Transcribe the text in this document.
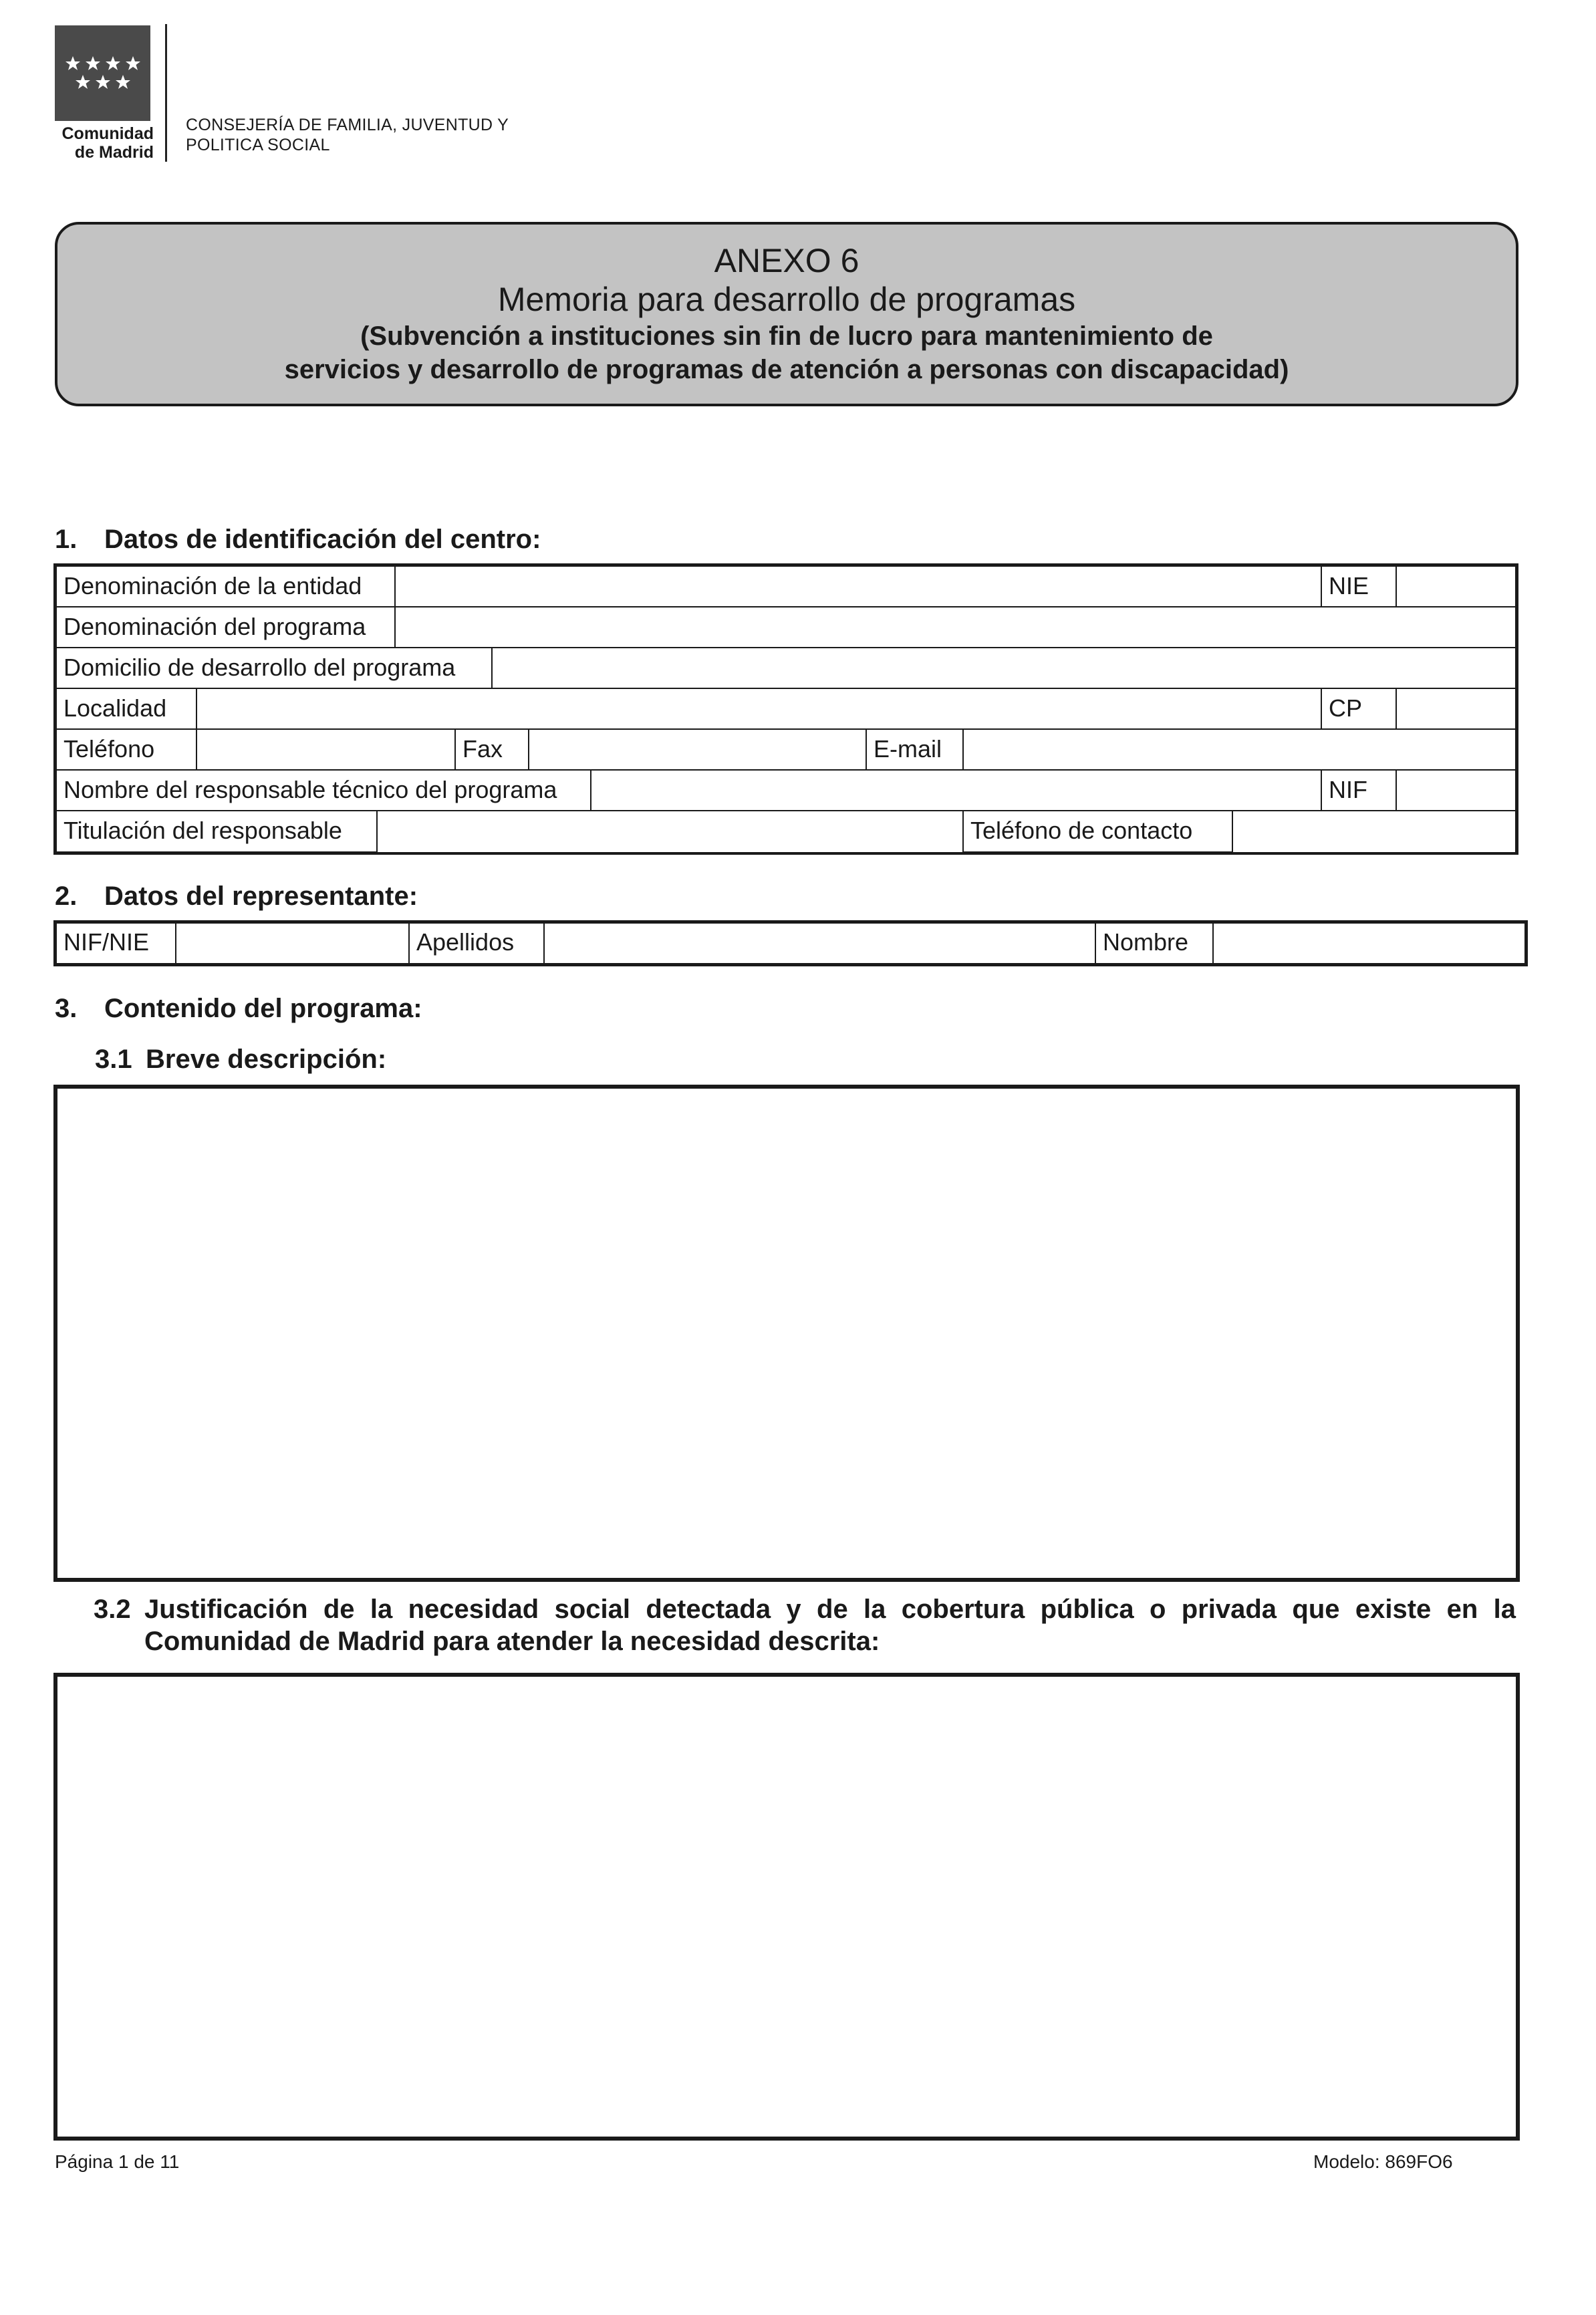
Comunidad
de Madrid
CONSEJERÍA DE FAMILIA, JUVENTUD Y
POLITICA SOCIAL
ANEXO 6
Memoria para desarrollo de programas
(Subvención a instituciones sin fin de lucro para mantenimiento de
servicios y desarrollo de programas de atención a personas con discapacidad)
1. Datos de identificación del centro:
Denominación de la entidad	NIE
Denominación del programa
Domicilio de desarrollo del programa
Localidad	CP
Teléfono	Fax	E-mail
Nombre del responsable técnico del programa	NIF
Titulación del responsable	Teléfono de contacto
2. Datos del representante:
NIF/NIE	Apellidos	Nombre
3. Contenido del programa:
3.1 Breve descripción:
3.2 Justificación de la necesidad social detectada y de la cobertura pública o privada que existe en la
Comunidad de Madrid para atender la necesidad descrita:
Página 1 de 11	Modelo: 869FO6
